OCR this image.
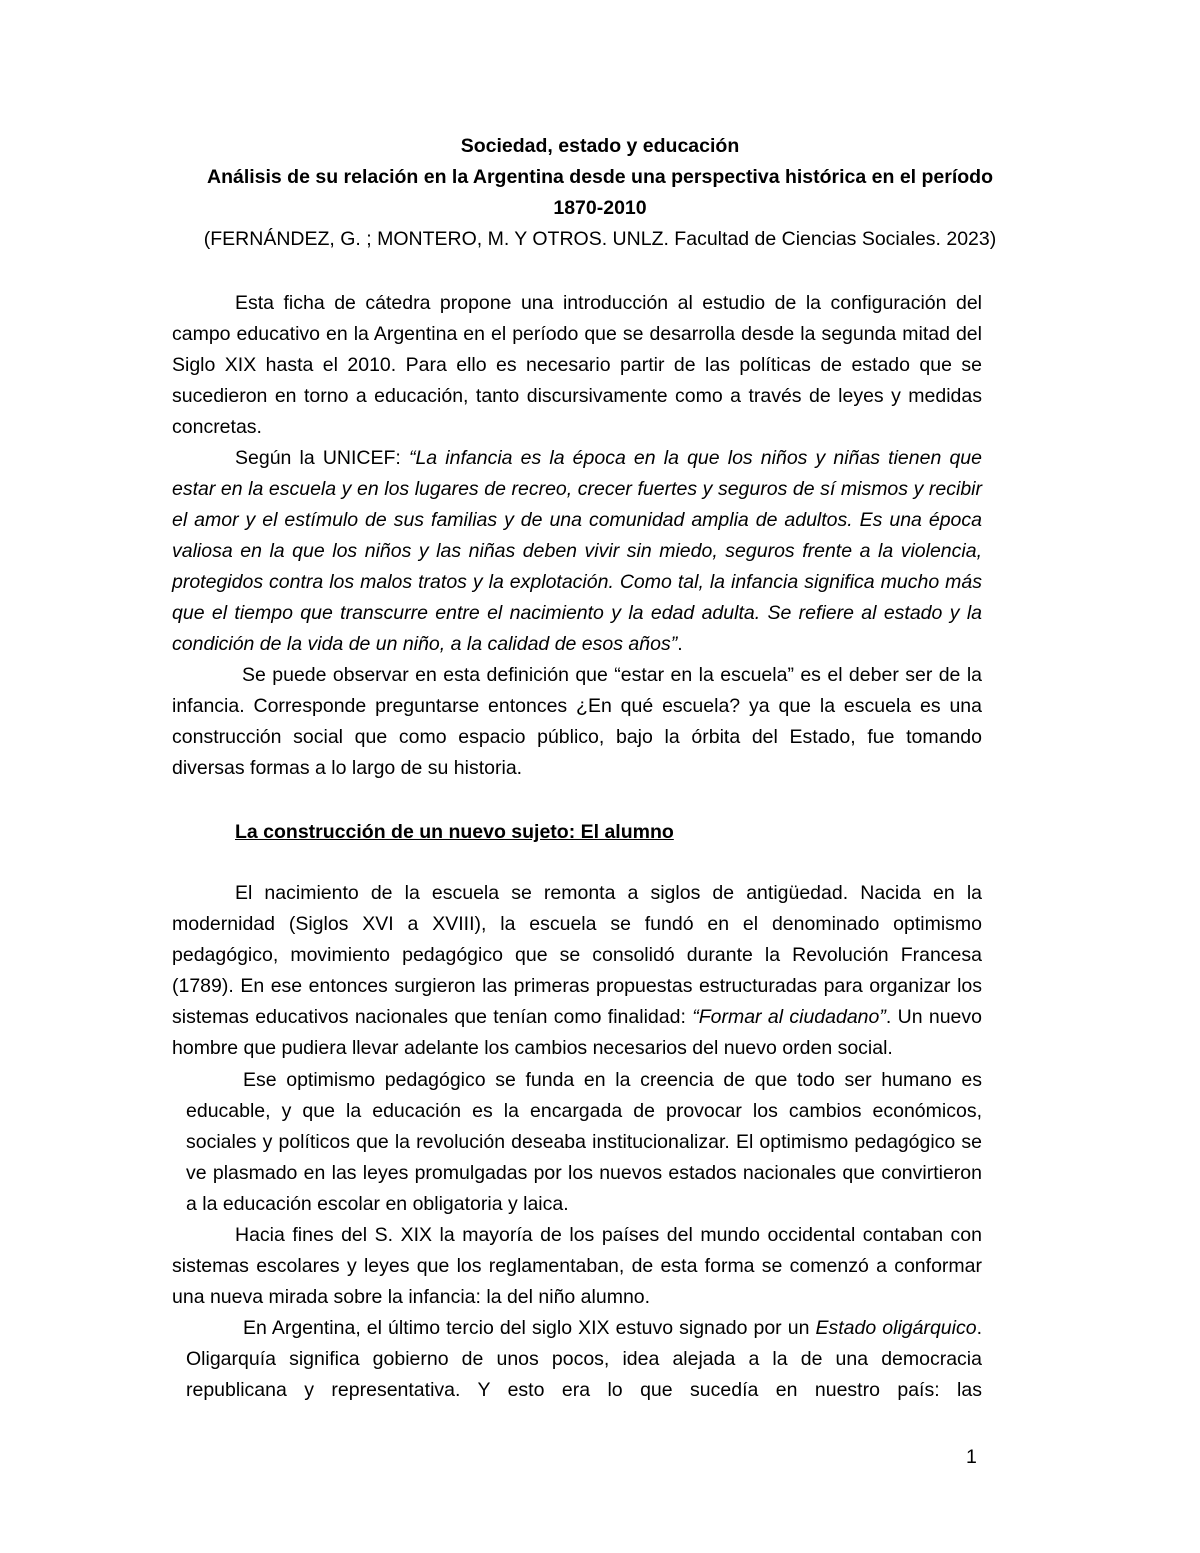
Sociedad, estado y educación

Análisis de su relación en la Argentina desde una perspectiva histórica en el período

1870-2010

(FERNÁNDEZ, G. ; MONTERO, M. Y OTROS. UNLZ. Facultad de Ciencias Sociales. 2023)

Esta ficha de cátedra propone una introducción al estudio de la configuración del campo educativo en la Argentina en el período que se desarrolla desde la segunda mitad del Siglo XIX hasta el 2010. Para ello es necesario partir de las políticas de estado que se sucedieron en torno a educación, tanto discursivamente como a través de leyes y medidas concretas.

Según la UNICEF: “La infancia es la época en la que los niños y niñas tienen que estar en la escuela y en los lugares de recreo, crecer fuertes y seguros de sí mismos y recibir el amor y el estímulo de sus familias y de una comunidad amplia de adultos. Es una época valiosa en la que los niños y las niñas deben vivir sin miedo, seguros frente a la violencia, protegidos contra los malos tratos y la explotación. Como tal, la infancia significa mucho más que el tiempo que transcurre entre el nacimiento y la edad adulta. Se refiere al estado y la condición de la vida de un niño, a la calidad de esos años”.

Se puede observar en esta definición que “estar en la escuela” es el deber ser de la infancia. Corresponde preguntarse entonces ¿En qué escuela? ya que la escuela es una construcción social que como espacio público, bajo la órbita del Estado, fue tomando diversas formas a lo largo de su historia.

La construcción de un nuevo sujeto: El alumno

El nacimiento de la escuela se remonta a siglos de antigüedad. Nacida en la modernidad (Siglos XVI a XVIII), la escuela se fundó en el denominado optimismo pedagógico, movimiento pedagógico que se consolidó durante la Revolución Francesa (1789). En ese entonces surgieron las primeras propuestas estructuradas para organizar los sistemas educativos nacionales que tenían como finalidad: “Formar al ciudadano”. Un nuevo hombre que pudiera llevar adelante los cambios necesarios del nuevo orden social.

Ese optimismo pedagógico se funda en la creencia de que todo ser humano es educable, y que la educación es la encargada de provocar los cambios económicos, sociales y políticos que la revolución deseaba institucionalizar. El optimismo pedagógico se ve plasmado en las leyes promulgadas por los nuevos estados nacionales que convirtieron a la educación escolar en obligatoria y laica.

Hacia fines del S. XIX la mayoría de los países del mundo occidental contaban con sistemas escolares y leyes que los reglamentaban, de esta forma se comenzó a conformar una nueva mirada sobre la infancia: la del niño alumno.

En Argentina, el último tercio del siglo XIX estuvo signado por un Estado oligárquico. Oligarquía significa gobierno de unos pocos, idea alejada a la de una democracia republicana y representativa. Y esto era lo que sucedía en nuestro país: las

1
